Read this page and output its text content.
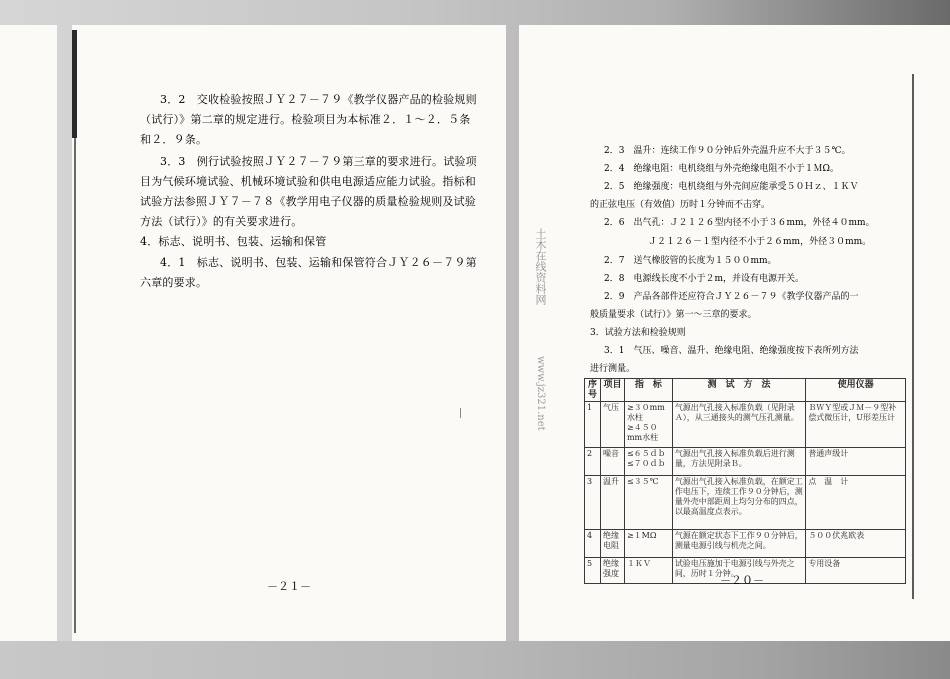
3．2　交收检验按照ＪＹ２７－７９《教学仪器产品的检验规则
（试行）》第二章的规定进行。检验项目为本标准２．１～２．５条
和２．９条。
3．3　例行试验按照ＪＹ２７－７９第三章的要求进行。试验项
目为气候环境试验、机械环境试验和供电电源适应能力试验。指标和
试验方法参照ＪＹ７－７８《教学用电子仪器的质量检验规则及试验
方法（试行）》的有关要求进行。
4．标志、说明书、包装、运输和保管
4．1　标志、说明书、包装、运输和保管符合ＪＹ２６－７９第
六章的要求。
－２１－
土木在线资料网
www.jz321.net
2．3　温升：连续工作９０分钟后外壳温升应不大于３５℃。
2．4　绝缘电阻：电机绕组与外壳绝缘电阻不小于１ＭΩ。
2．5　绝缘强度：电机绕组与外壳间应能承受５０Ｈｚ、１ＫＶ
的正弦电压（有效值）历时１分钟而不击穿。
2．6　出气孔：Ｊ２１２６型内径不小于３６mm，外径４０mm。
Ｊ２１２６－１型内径不小于２６mm，外径３０mm。
2．7　送气橡胶管的长度为１５００mm。
2．8　电源线长度不小于２m，并设有电源开关。
2．9　产品各部件还应符合ＪＹ２６－７９《教学仪器产品的一
般质量要求（试行）》第一～三章的要求。
3．试验方法和检验规则
3．1　气压、噪音、温升、绝缘电阻、绝缘强度按下表所列方法
进行测量。
序号	项目	指　标	测　试　方　法	使用仪器
1	气压	≥３０mm水柱
≥４５０mm水柱	气源出气孔接入标准负载（见附录Ａ），从三通接头的测气压孔测量。	ＢＷＹ型或ＪＭ－９型补偿式微压计，U形差压计
2	噪音	≤６５ｄｂ
≤７０ｄｂ	气源出气孔接入标准负载后进行测量，方法见附录Ｂ。	普通声级计
3	温升	≤３５℃	气源出气孔接入标准负载，在额定工作电压下，连续工作９０分钟后，测量外壳中部距周上均匀分布的四点，以最高温度点表示。	点　温　计
4	绝缘电阻	≥１MΩ	气源在额定状态下工作９０分钟后，测量电源引线与机壳之间。	５００伏兆欧表
5	绝缘强度	１ＫＶ	试验电压施加于电源引线与外壳之间，历时１分钟。	专用设备
－２０－
